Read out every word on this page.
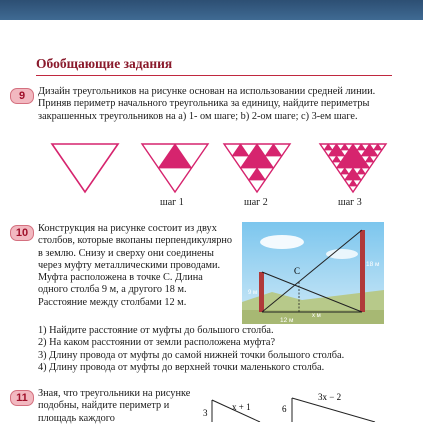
Обобщающие задания
9	Дизайн треугольников на рисунке основан на использовании средней линии. Приняв периметр начального треугольника за единицу, найдите периметры закрашенных треугольников на а) 1- ом шаге; b) 2-ом шаге; c) 3-ем шаге.
шаг 1	шаг 2	шаг 3
10 Конструкция на рисунке состоит из двух столбов, которые вкопаны перпендикулярно в землю. Снизу и сверху они соединены через муфту металлическими проводами. Муфта расположена в точке С. Длина одного столба 9 м, а другого 18 м. Расстояние между столбами 12 м.
C
9 м
18 м
12 м
x м
1) Найдите расстояние от муфты до большого столба.
2) На каком расстоянии от земли расположена муфта?
3) Длину провода от муфты до самой нижней точки большого столба.
4) Длину провода от муфты до верхней точки маленького столба.
11 Зная, что треугольники на рисунке подобны, найдите периметр и площадь каждого	3
x + 1	6
3x − 2
